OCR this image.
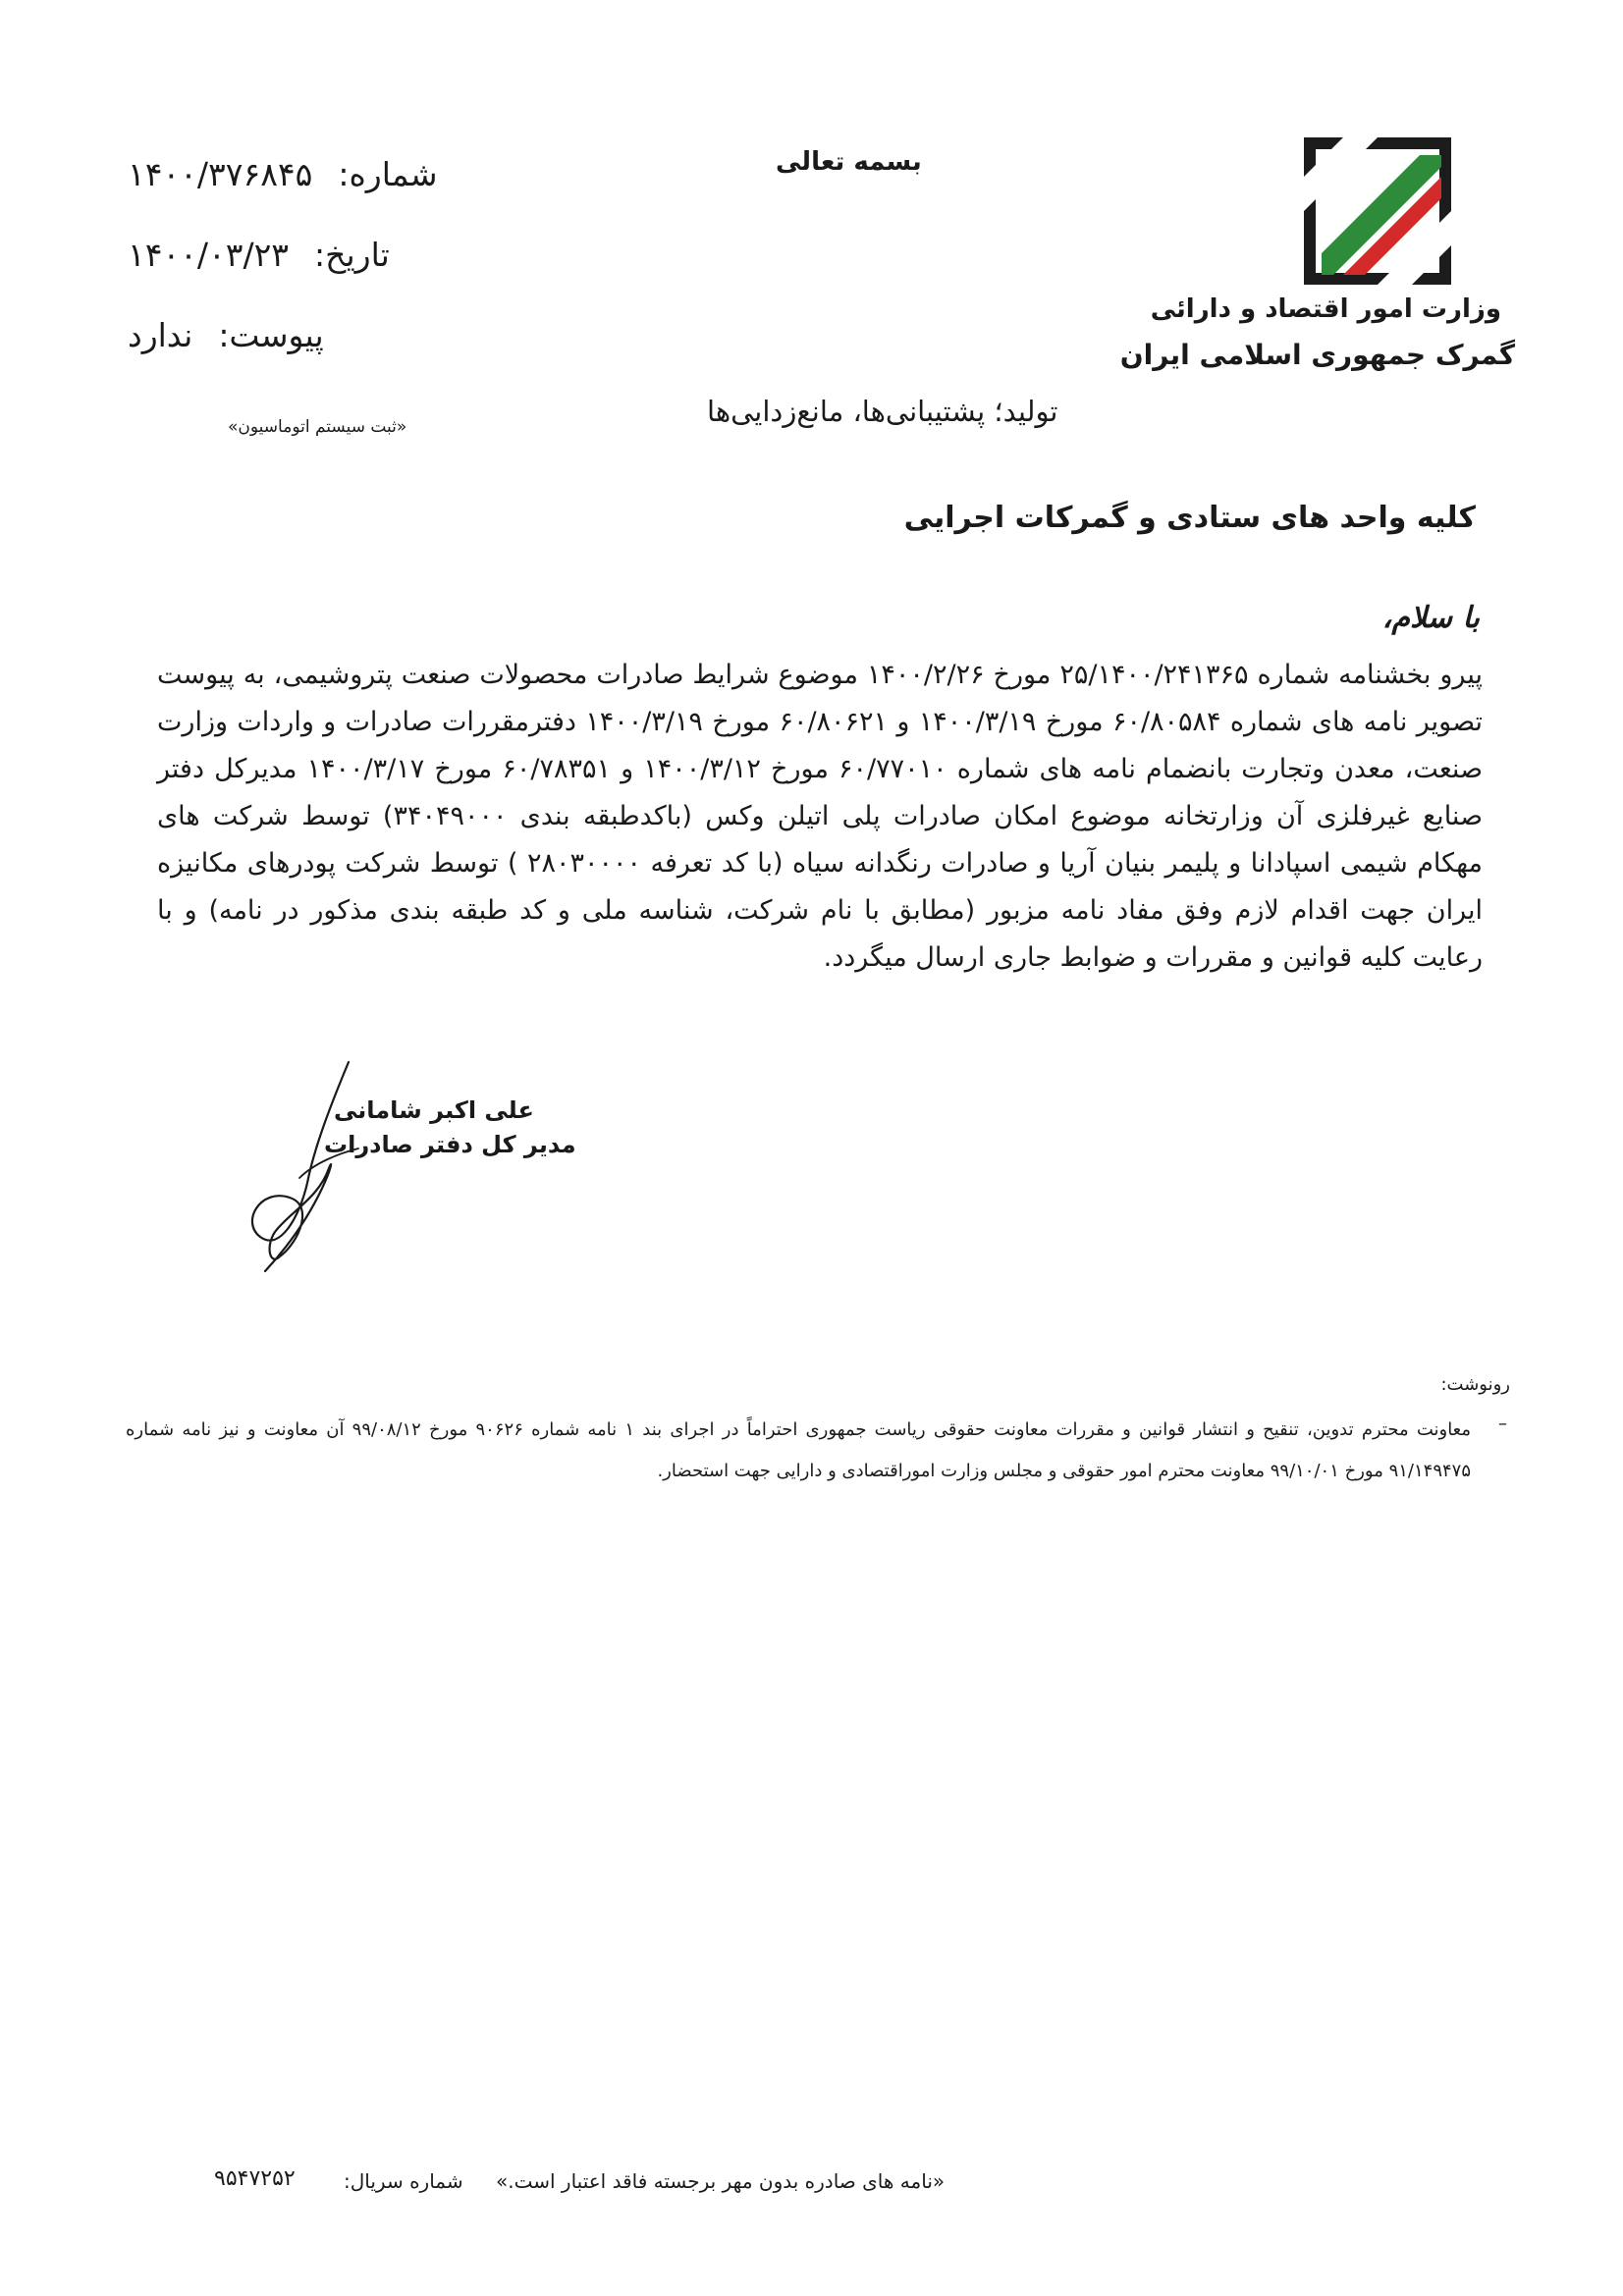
وزارت امور اقتصاد و دارائی
گمرک جمهوری اسلامی ایران
بسمه تعالی
تولید؛ پشتیبانی‌ها، مانع‌زدایی‌ها
شماره:
۱۴۰۰/۳۷۶۸۴۵
تاریخ:
۱۴۰۰/۰۳/۲۳
پیوست:
ندارد
«ثبت سیستم اتوماسیون»
کلیه واحد های ستادی و گمرکات اجرایی
با سلام،
پیرو بخشنامه شماره ۲۵/۱۴۰۰/۲۴۱۳۶۵ مورخ ۱۴۰۰/۲/۲۶ موضوع شرایط صادرات محصولات صنعت پتروشیمی، به پیوست تصویر نامه های شماره ۶۰/۸۰۵۸۴ مورخ ۱۴۰۰/۳/۱۹ و ۶۰/۸۰۶۲۱ مورخ ۱۴۰۰/۳/۱۹ دفترمقررات صادرات و واردات وزارت صنعت، معدن وتجارت بانضمام نامه های شماره ۶۰/۷۷۰۱۰ مورخ ۱۴۰۰/۳/۱۲ و ۶۰/۷۸۳۵۱ مورخ ۱۴۰۰/۳/۱۷ مدیرکل دفتر صنایع غیرفلزی آن وزارتخانه موضوع امکان صادرات پلی اتیلن وکس (باکدطبقه بندی ۳۴۰۴۹۰۰۰) توسط شرکت های مهکام شیمی اسپادانا و پلیمر بنیان آریا و صادرات رنگدانه سیاه (با کد تعرفه ۲۸۰۳۰۰۰۰ ) توسط شرکت پودرهای مکانیزه ایران جهت اقدام لازم وفق مفاد نامه مزبور (مطابق با نام شرکت، شناسه ملی و کد طبقه بندی مذکور در نامه) و با رعایت کلیه قوانین و مقررات و ضوابط جاری ارسال میگردد.
علی اکبر شامانی
مدیر کل دفتر صادرات
رونوشت:
–
معاونت محترم تدوین، تنقیح و انتشار قوانین و مقررات معاونت حقوقی ریاست جمهوری احتراماً در اجرای بند ۱ نامه شماره ۹۰۶۲۶ مورخ ۹۹/۰۸/۱۲ آن معاونت و نیز نامه شماره ۹۱/۱۴۹۴۷۵ مورخ ۹۹/۱۰/۰۱ معاونت محترم امور حقوقی و مجلس وزارت اموراقتصادی و دارایی جهت استحضار.
«نامه های صادره بدون مهر برجسته فاقد اعتبار است.»
شماره سریال:
۹۵۴۷۲۵۲
